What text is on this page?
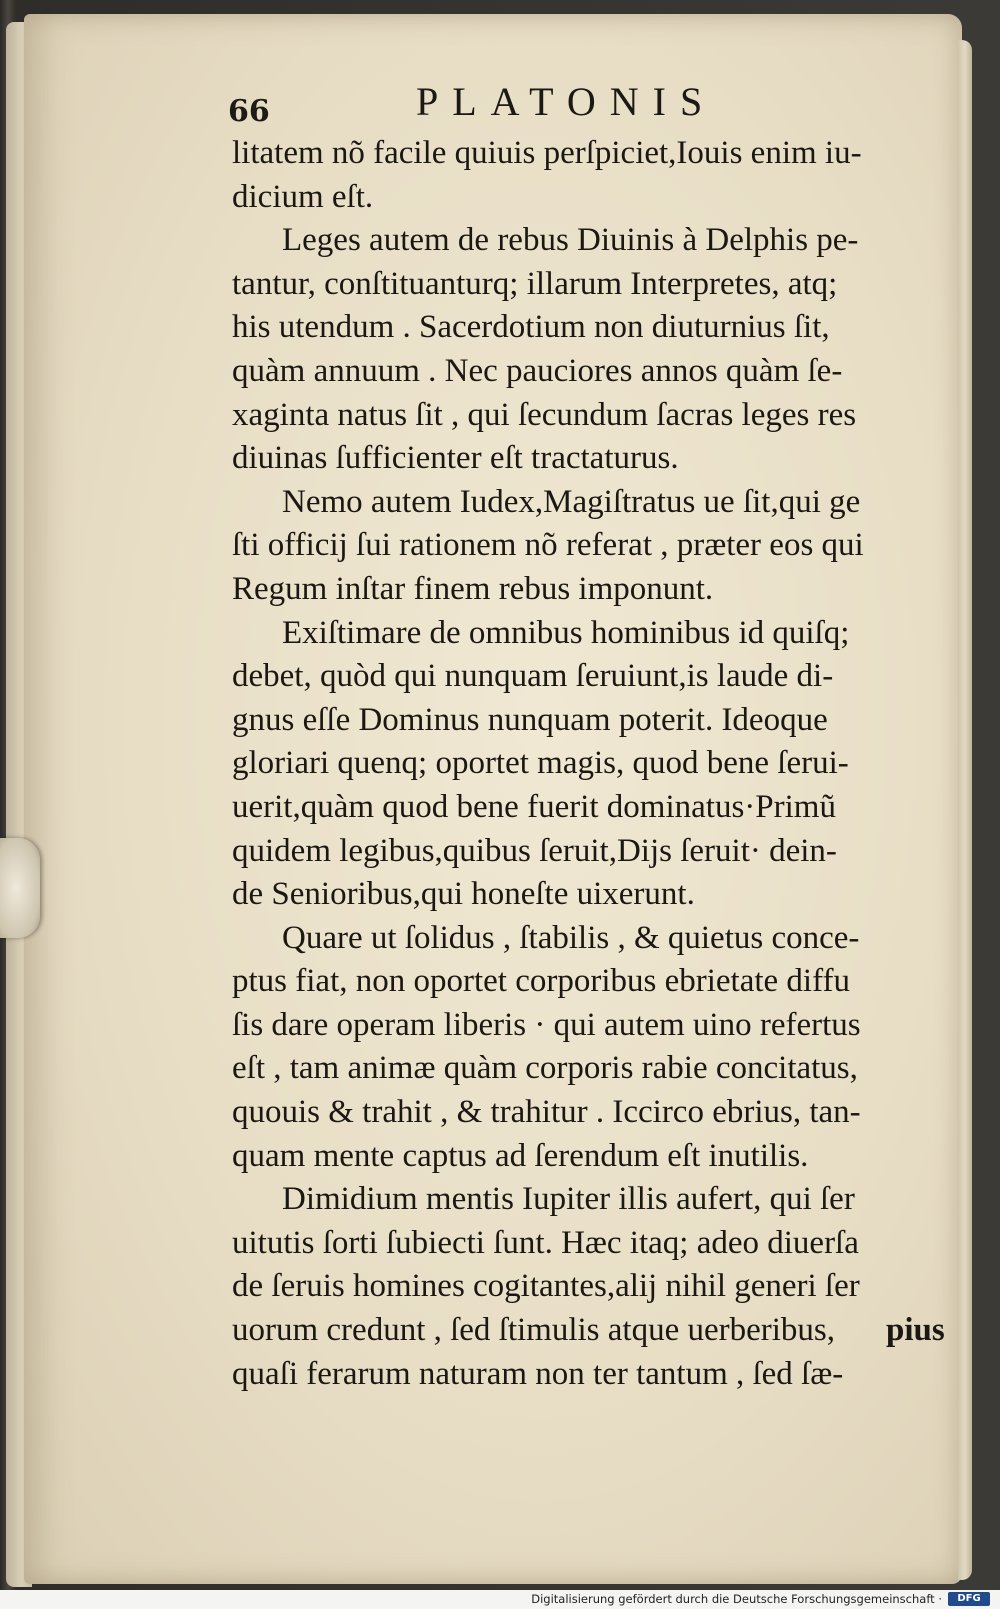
66	PLATONIS
litatem nõ facile quiuis perſpiciet,Iouis enim iu-
dicium eſt.
Leges autem de rebus Diuinis à Delphis pe-
tantur, conſtituanturq; illarum Interpretes, atq;
his utendum . Sacerdotium non diuturnius ſit,
quàm annuum . Nec pauciores annos quàm ſe-
xaginta natus ſit , qui ſecundum ſacras leges res
diuinas ſufficienter eſt tractaturus.
Nemo autem Iudex,Magiſtratus ue ſit,qui ge
ſti officij ſui rationem nõ referat , præter eos qui
Regum inſtar finem rebus imponunt.
Exiſtimare de omnibus hominibus id quiſq;
debet, quòd qui nunquam ſeruiunt,is laude di-
gnus eſſe Dominus nunquam poterit. Ideoque
gloriari quenq; oportet magis, quod bene ſerui-
uerit,quàm quod bene fuerit dominatus·Primũ
quidem legibus,quibus ſeruit,Dijs ſeruit· dein-
de Senioribus,qui honeſte uixerunt.
Quare ut ſolidus , ſtabilis , & quietus conce-
ptus fiat, non oportet corporibus ebrietate diffu
ſis dare operam liberis · qui autem uino refertus
eſt , tam animæ quàm corporis rabie concitatus,
quouis & trahit , & trahitur . Iccirco ebrius, tan-
quam mente captus ad ſerendum eſt inutilis.
Dimidium mentis Iupiter illis aufert, qui ſer
uitutis ſorti ſubiecti ſunt. Hæc itaq; adeo diuerſa
de ſeruis homines cogitantes,alij nihil generi ſer
uorum credunt , ſed ſtimulis atque uerberibus,
quaſi ferarum naturam non ter tantum , ſed ſæ-
pius
Digitalisierung gefördert durch die Deutsche Forschungsgemeinschaft ·	DFG
